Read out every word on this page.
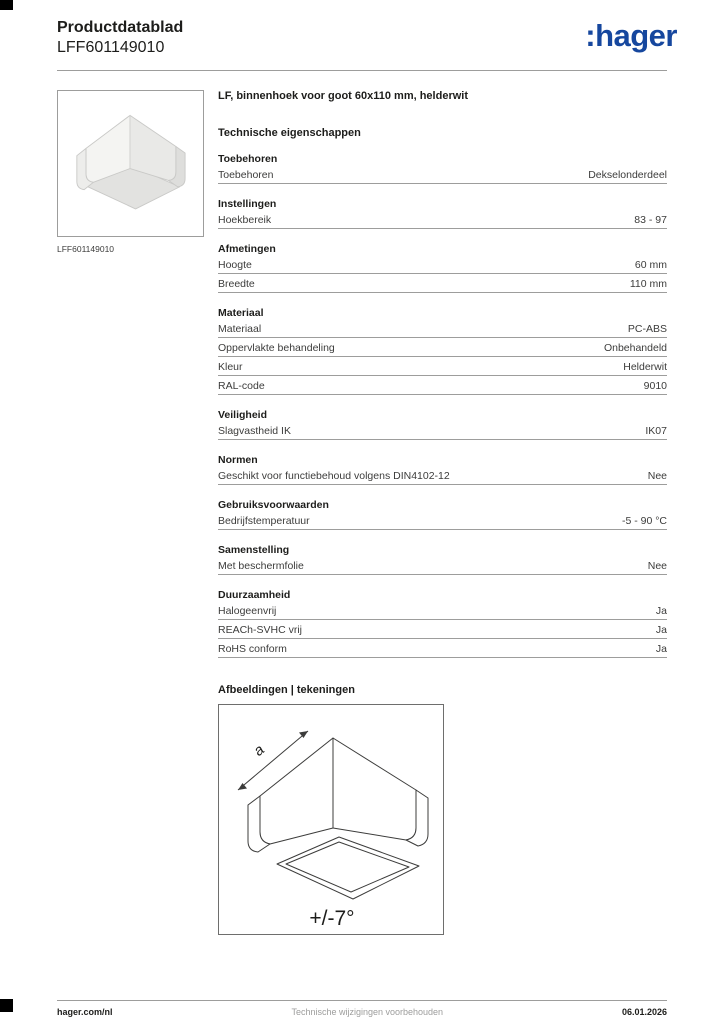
Productdatablad
LFF601149010	:hager
LFF601149010
LF, binnenhoek voor goot 60x110 mm, helderwit
Technische eigenschappen
Toebehoren
Toebehoren	Dekselonderdeel
Instellingen
Hoekbereik	83 - 97
Afmetingen
Hoogte	60 mm
Breedte	110 mm
Materiaal
Materiaal	PC-ABS
Oppervlakte behandeling	Onbehandeld
Kleur	Helderwit
RAL-code	9010
Veiligheid
Slagvastheid IK	IK07
Normen
Geschikt voor functiebehoud volgens DIN4102-12	Nee
Gebruiksvoorwaarden
Bedrijfstemperatuur	-5 - 90 °C
Samenstelling
Met beschermfolie	Nee
Duurzaamheid
Halogeenvrij	Ja
REACh-SVHC vrij	Ja
RoHS conform	Ja
Afbeeldingen | tekeningen
a
+/-7°
hager.com/nl	Technische wijzigingen voorbehouden	06.01.2026
